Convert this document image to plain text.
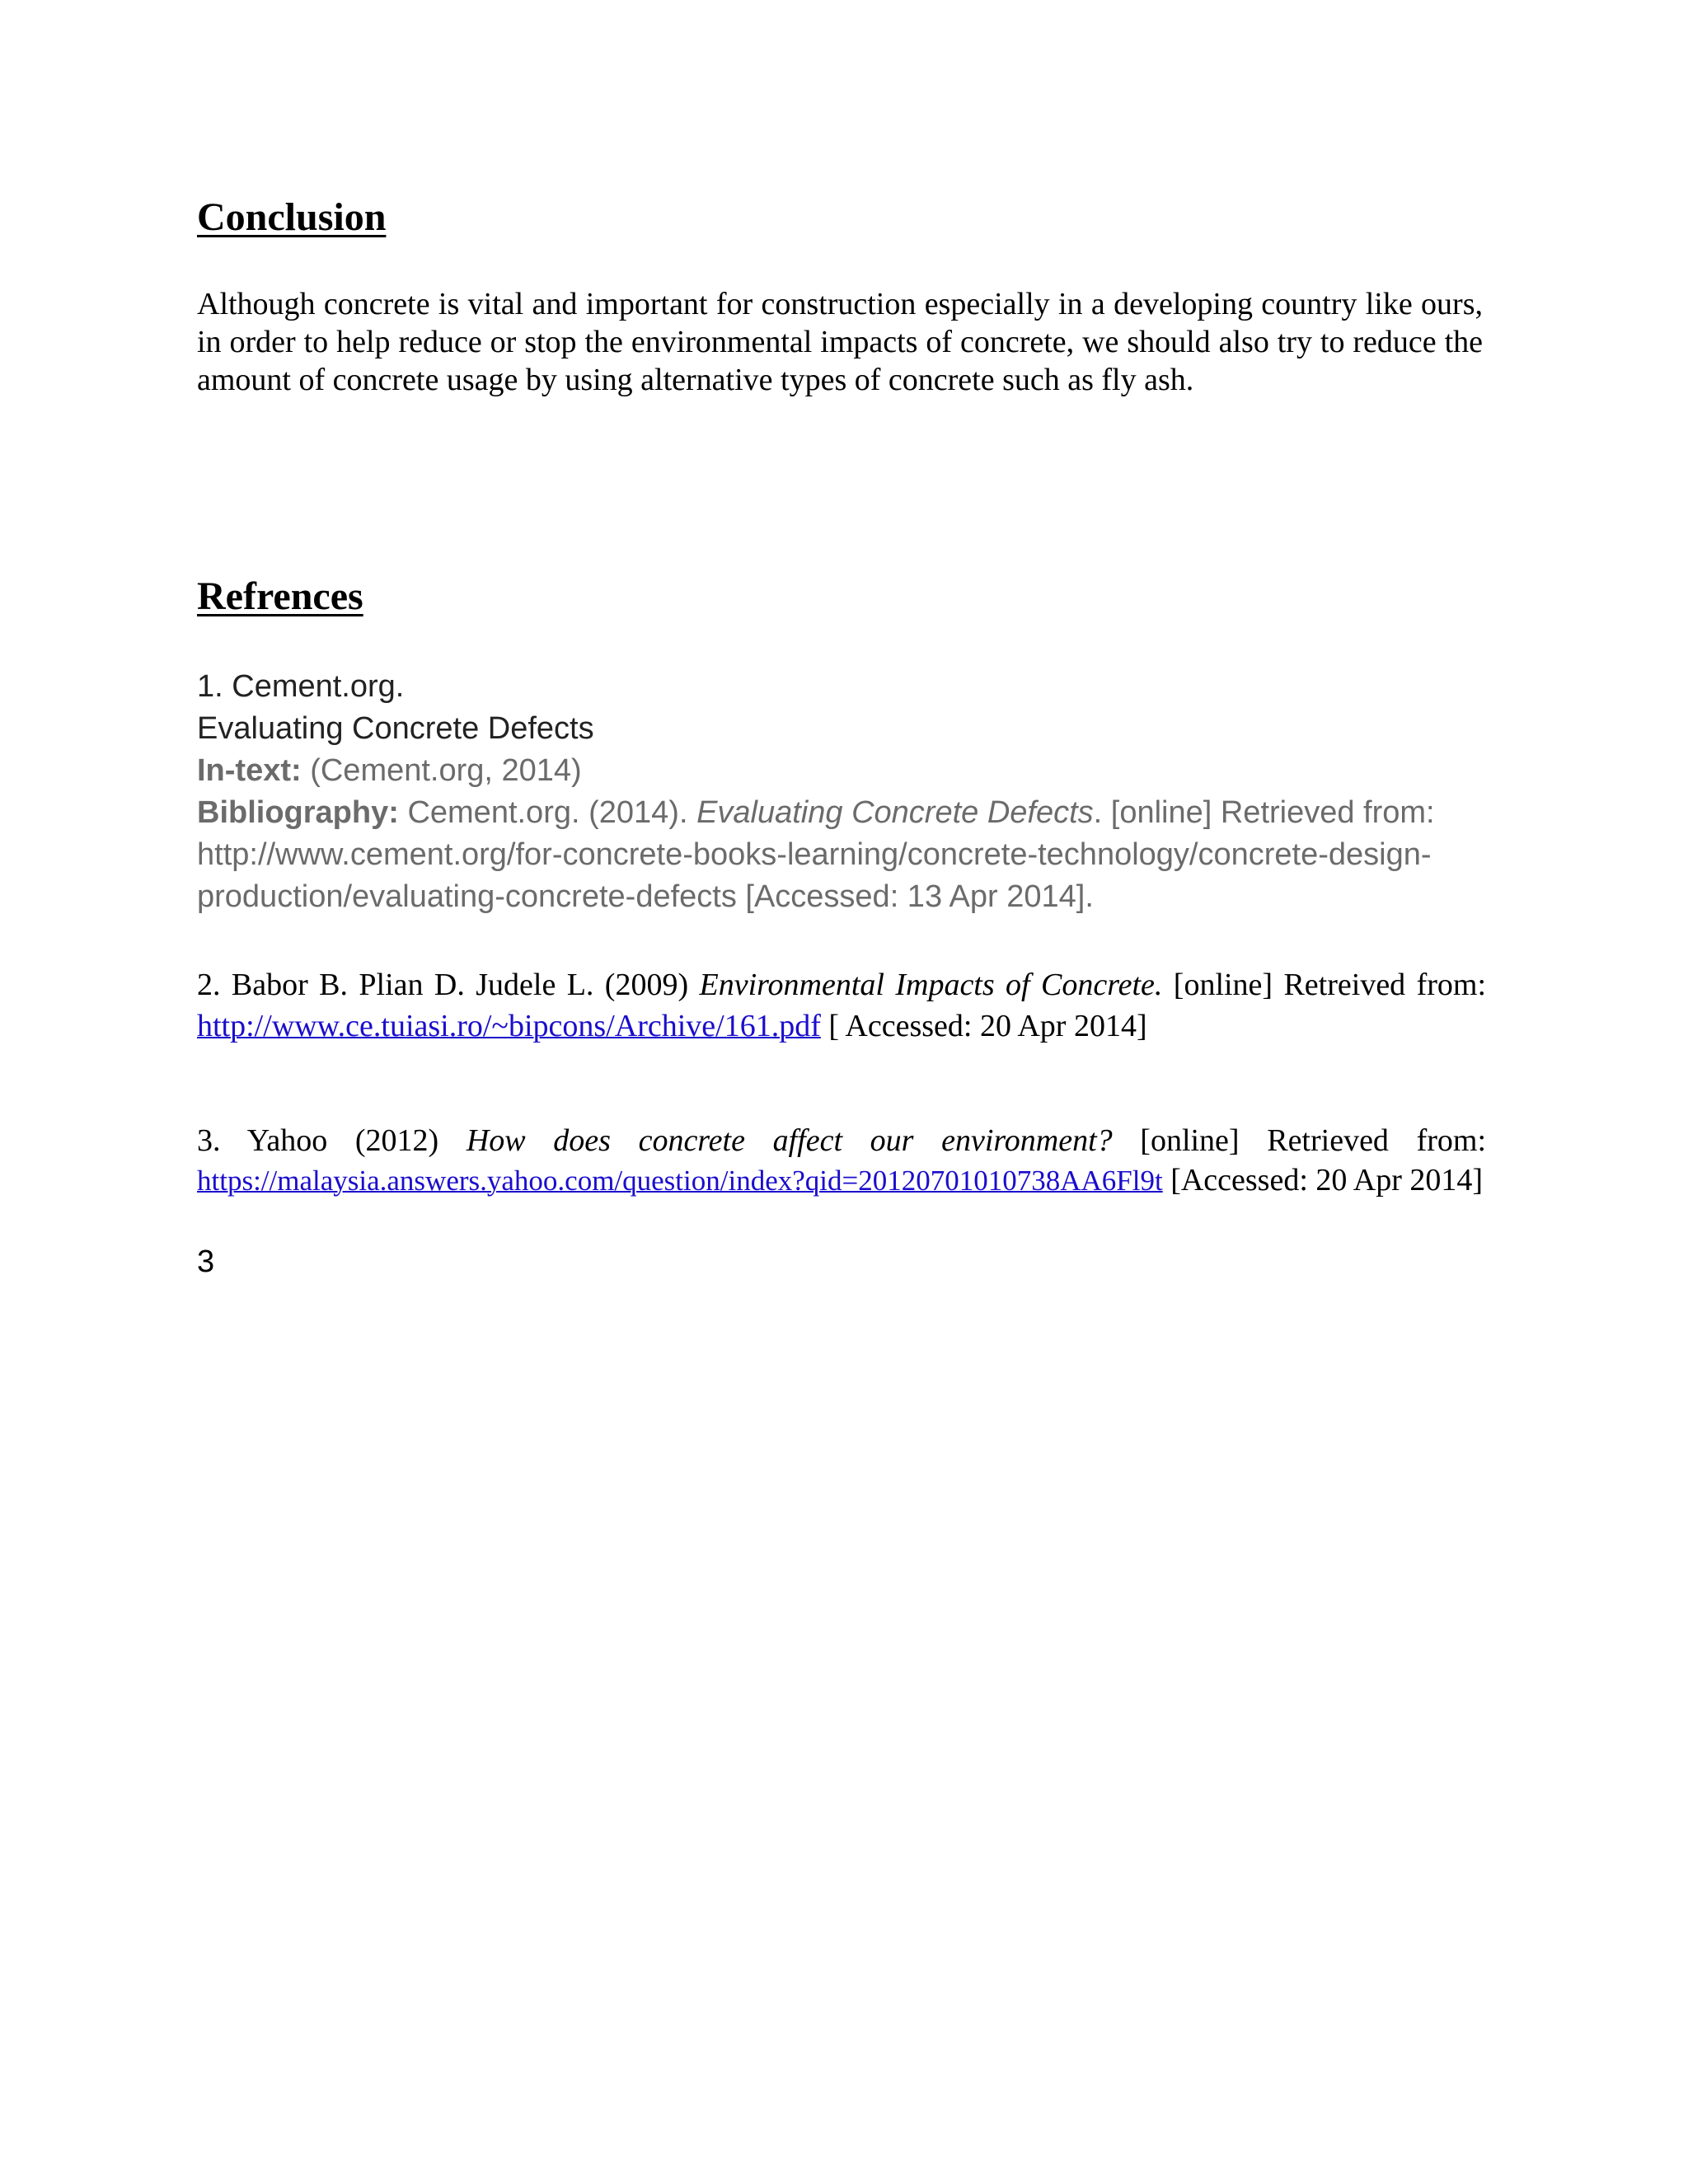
Conclusion

Although concrete is vital and important for construction especially in a developing country like ours, in order to help reduce or stop the environmental impacts of concrete, we should also try to reduce the amount of concrete usage by using alternative types of concrete such as fly ash.

Refrences
1. Cement.org.
Evaluating Concrete Defects
In-text: (Cement.org, 2014)
Bibliography: Cement.org. (2014). Evaluating Concrete Defects. [online] Retrieved from: http://www.cement.org/for-concrete-books-learning/concrete-technology/concrete-design-production/evaluating-concrete-defects [Accessed: 13 Apr 2014].

2. Babor B. Plian D. Judele L. (2009) Environmental Impacts of Concrete. [online] Retreived from: http://www.ce.tuiasi.ro/~bipcons/Archive/161.pdf [ Accessed: 20 Apr 2014]

3. Yahoo (2012) How does concrete affect our environment? [online] Retrieved from: https://malaysia.answers.yahoo.com/question/index?qid=20120701010738AA6Fl9t [Accessed: 20 Apr 2014]

3
